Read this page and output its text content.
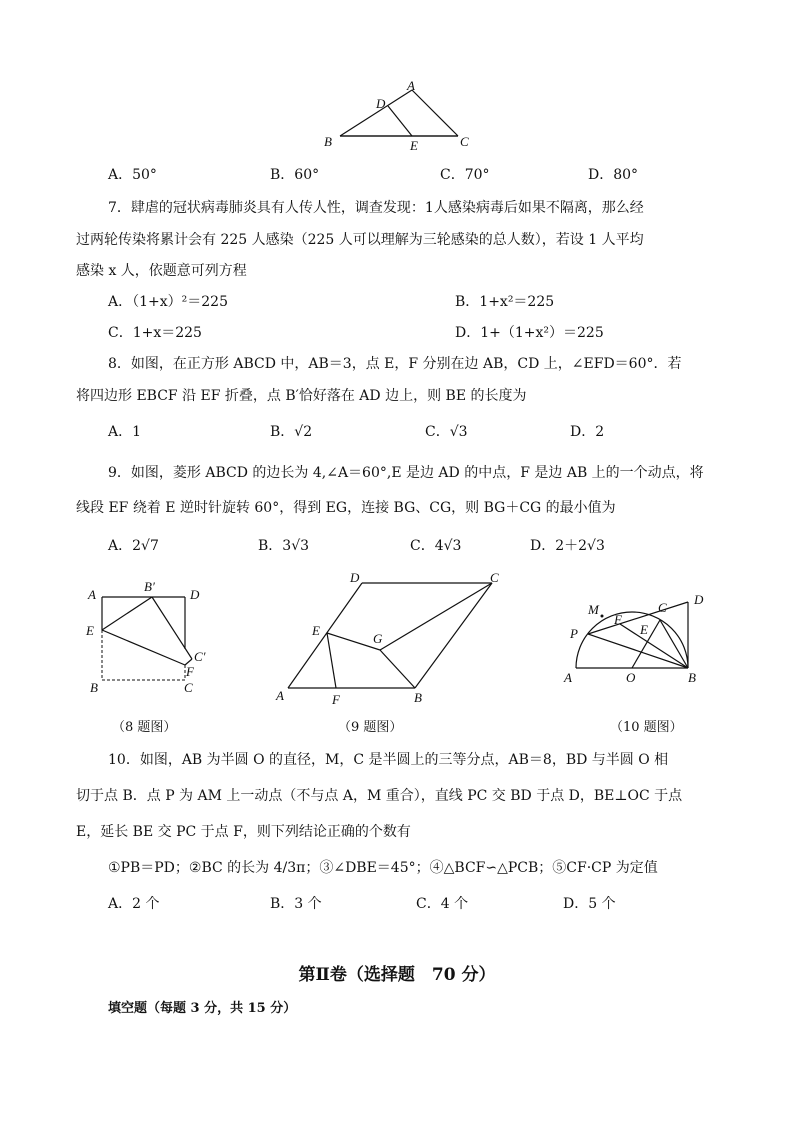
A
D
B	E	C
A．50°	B．60°	C．70°	D．80°
7．肆虐的冠状病毒肺炎具有人传人性，调查发现：1人感染病毒后如果不隔离，那么经
过两轮传染将累计会有 225 人感染（225 人可以理解为三轮感染的总人数），若设 1 人平均
感染 x 人，依题意可列方程
A．（1+x）²＝225	B．1+x²＝225
C．1+x＝225	D．1+（1+x²）＝225
8．如图，在正方形 ABCD 中，AB＝3，点 E，F 分别在边 AB，CD 上，∠EFD＝60°．若
将四边形 EBCF 沿 EF 折叠，点 B′恰好落在 AD 边上，则 BE 的长度为
A．1	B．√2	C．√3	D．2
9．如图，菱形 ABCD 的边长为 4,∠A＝60°,E 是边 AD 的中点，F 是边 AB 上的一个动点，将
线段 EF 绕着 E 逆时针旋转 60°，得到 EG，连接 BG、CG，则 BG＋CG 的最小值为
A．2√7	B．3√3	C．4√3	D．2＋2√3
A
B′
D
E
C′
F
B	C
（8 题图）
D	C
E
G
A	F	B
（9 题图）
M	C
D
P
F
E
A	O	B
（10 题图）
10．如图，AB 为半圆 O 的直径，M，C 是半圆上的三等分点，AB＝8，BD 与半圆 O 相
切于点 B．点 P 为 AM 上一动点（不与点 A，M 重合），直线 PC 交 BD 于点 D，BE⊥OC 于点
E，延长 BE 交 PC 于点 F，则下列结论正确的个数有
①PB＝PD；②BC 的长为 4/3π；③∠DBE＝45°；④△BCF∽△PCB；⑤CF·CP 为定值
A．2 个	B．3 个	C．4 个	D．5 个
第Ⅱ卷（选择题　70 分）
填空题（每题 3 分，共 15 分）
